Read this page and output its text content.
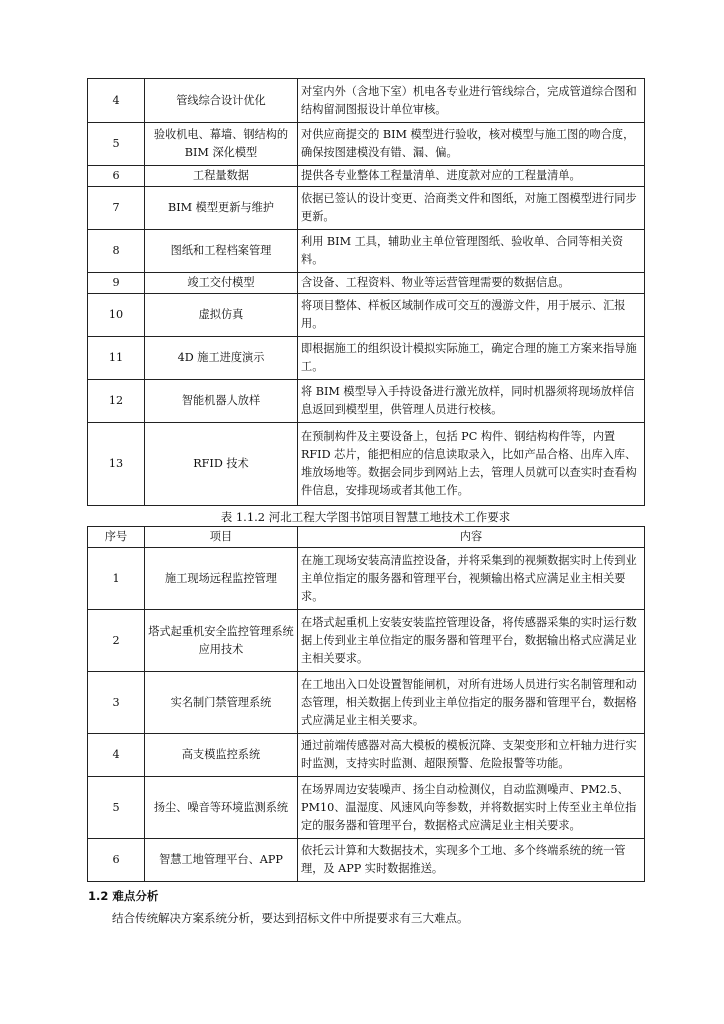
4	管线综合设计优化	对室内外（含地下室）机电各专业进行管线综合，完成管道综合图和结构留洞图报设计单位审核。
5	验收机电、幕墙、钢结构的 BIM 深化模型	对供应商提交的 BIM 模型进行验收，核对模型与施工图的吻合度，确保按图建模没有错、漏、偏。
6	工程量数据	提供各专业整体工程量清单、进度款对应的工程量清单。
7	BIM 模型更新与维护	依据已签认的设计变更、洽商类文件和图纸，对施工图模型进行同步更新。
8	图纸和工程档案管理	利用 BIM 工具，辅助业主单位管理图纸、验收单、合同等相关资料。
9	竣工交付模型	含设备、工程资料、物业等运营管理需要的数据信息。
10	虚拟仿真	将项目整体、样板区域制作成可交互的漫游文件，用于展示、汇报用。
11	4D 施工进度演示	即根据施工的组织设计模拟实际施工，确定合理的施工方案来指导施工。
12	智能机器人放样	将 BIM 模型导入手持设备进行激光放样，同时机器须将现场放样信息返回到模型里，供管理人员进行校核。
13	RFID 技术	在预制构件及主要设备上，包括 PC 构件、钢结构构件等，内置 RFID 芯片，能把相应的信息读取录入，比如产品合格、出库入库、堆放场地等。数据会同步到网站上去，管理人员就可以查实时查看构件信息，安排现场或者其他工作。
表 1.1.2 河北工程大学图书馆项目智慧工地技术工作要求
序号	项目	内容
1	施工现场远程监控管理	在施工现场安装高清监控设备，并将采集到的视频数据实时上传到业主单位指定的服务器和管理平台，视频输出格式应满足业主相关要求。
2	塔式起重机安全监控管理系统应用技术	在塔式起重机上安装安装监控管理设备，将传感器采集的实时运行数据上传到业主单位指定的服务器和管理平台，数据输出格式应满足业主相关要求。
3	实名制门禁管理系统	在工地出入口处设置智能闸机，对所有进场人员进行实名制管理和动态管理，相关数据上传到业主单位指定的服务器和管理平台，数据格式应满足业主相关要求。
4	高支模监控系统	通过前端传感器对高大模板的模板沉降、支架变形和立杆轴力进行实时监测，支持实时监测、超限预警、危险报警等功能。
5	扬尘、噪音等环境监测系统	在场界周边安装噪声、扬尘自动检测仪，自动监测噪声、PM2.5、PM10、温湿度、风速风向等参数，并将数据实时上传至业主单位指定的服务器和管理平台，数据格式应满足业主相关要求。
6	智慧工地管理平台、APP	依托云计算和大数据技术，实现多个工地、多个终端系统的统一管理，及 APP 实时数据推送。
1.2 难点分析
结合传统解决方案系统分析，要达到招标文件中所提要求有三大难点。
